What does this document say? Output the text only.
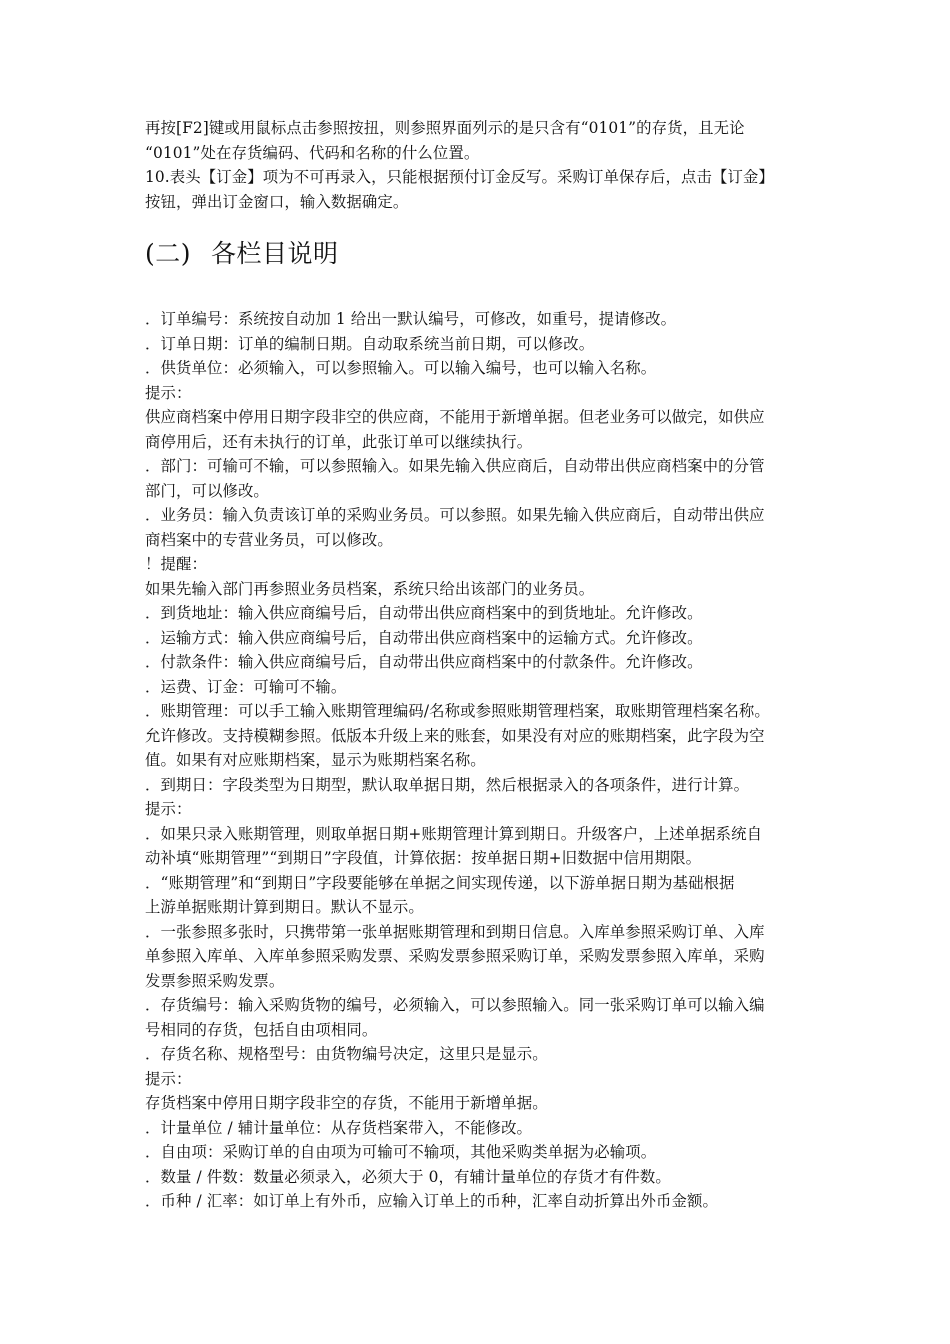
再按[F2]键或用鼠标点击参照按扭，则参照界面列示的是只含有“0101”的存货，且无论
“0101”处在存货编码、代码和名称的什么位置。
10.表头【订金】项为不可再录入，只能根据预付订金反写。采购订单保存后，点击【订金】
按钮，弹出订金窗口，输入数据确定。
(二) 各栏目说明
．订单编号：系统按自动加 1 给出一默认编号，可修改，如重号，提请修改。
．订单日期：订单的编制日期。自动取系统当前日期，可以修改。
．供货单位：必须输入，可以参照输入。可以输入编号，也可以输入名称。
提示：
供应商档案中停用日期字段非空的供应商，不能用于新增单据。但老业务可以做完，如供应
商停用后，还有未执行的订单，此张订单可以继续执行。
．部门：可输可不输，可以参照输入。如果先输入供应商后，自动带出供应商档案中的分管
部门，可以修改。
．业务员：输入负责该订单的采购业务员。可以参照。如果先输入供应商后，自动带出供应
商档案中的专营业务员，可以修改。
！提醒：
如果先输入部门再参照业务员档案，系统只给出该部门的业务员。
．到货地址：输入供应商编号后，自动带出供应商档案中的到货地址。允许修改。
．运输方式：输入供应商编号后，自动带出供应商档案中的运输方式。允许修改。
．付款条件：输入供应商编号后，自动带出供应商档案中的付款条件。允许修改。
．运费、订金：可输可不输。
．账期管理：可以手工输入账期管理编码/名称或参照账期管理档案，取账期管理档案名称。
允许修改。支持模糊参照。低版本升级上来的账套，如果没有对应的账期档案，此字段为空
值。如果有对应账期档案，显示为账期档案名称。
．到期日：字段类型为日期型，默认取单据日期，然后根据录入的各项条件，进行计算。
提示：
．如果只录入账期管理，则取单据日期+账期管理计算到期日。升级客户，上述单据系统自
动补填“账期管理”“到期日”字段值，计算依据：按单据日期+旧数据中信用期限。
．“账期管理”和“到期日”字段要能够在单据之间实现传递，以下游单据日期为基础根据
上游单据账期计算到期日。默认不显示。
．一张参照多张时，只携带第一张单据账期管理和到期日信息。入库单参照采购订单、入库
单参照入库单、入库单参照采购发票、采购发票参照采购订单，采购发票参照入库单，采购
发票参照采购发票。
．存货编号：输入采购货物的编号，必须输入，可以参照输入。同一张采购订单可以输入编
号相同的存货，包括自由项相同。
．存货名称、规格型号：由货物编号决定，这里只是显示。
提示：
存货档案中停用日期字段非空的存货，不能用于新增单据。
．计量单位 / 辅计量单位：从存货档案带入，不能修改。
．自由项：采购订单的自由项为可输可不输项，其他采购类单据为必输项。
．数量 / 件数：数量必须录入，必须大于 0，有辅计量单位的存货才有件数。
．币种 / 汇率：如订单上有外币，应输入订单上的币种，汇率自动折算出外币金额。
